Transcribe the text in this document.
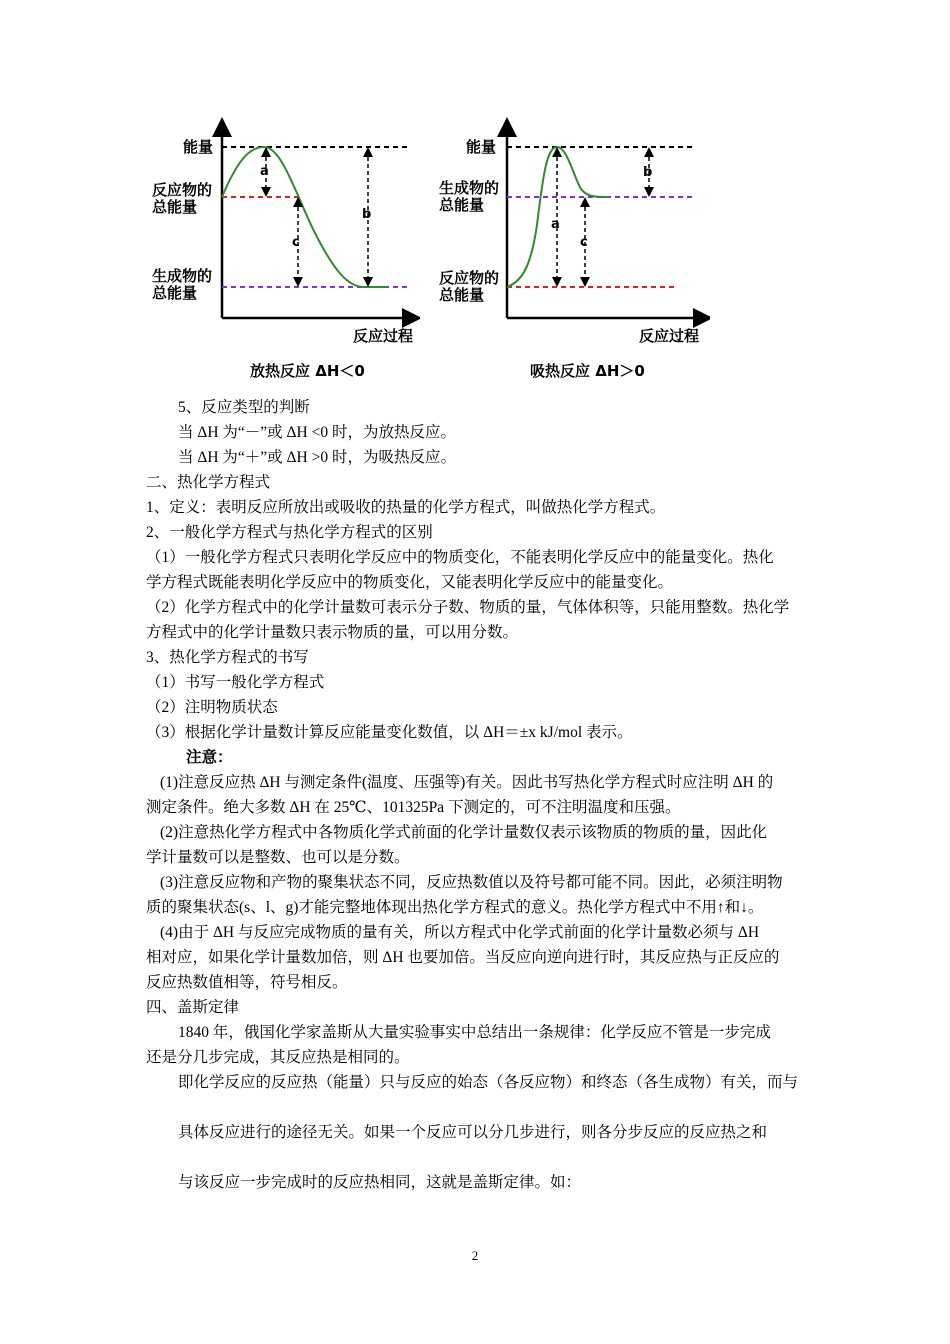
能量
反应物的
总能量
生成物的
总能量
反应过程
a
c
b
放热反应 ΔH＜0
能量
生成物的
总能量
反应物的
总能量
反应过程
a
c
b
吸热反应 ΔH＞0
5、反应类型的判断
当 ΔH 为“－”或 ΔH <0 时，为放热反应。
当 ΔH 为“＋”或 ΔH >0 时，为吸热反应。
二、热化学方程式
1、定义：表明反应所放出或吸收的热量的化学方程式，叫做热化学方程式。
2、一般化学方程式与热化学方程式的区别
（1）一般化学方程式只表明化学反应中的物质变化，不能表明化学反应中的能量变化。热化
学方程式既能表明化学反应中的物质变化，又能表明化学反应中的能量变化。
（2）化学方程式中的化学计量数可表示分子数、物质的量，气体体积等，只能用整数。热化学
方程式中的化学计量数只表示物质的量，可以用分数。
3、热化学方程式的书写
（1）书写一般化学方程式
（2）注明物质状态
（3）根据化学计量数计算反应能量变化数值，以 ΔH＝±x kJ/mol 表示。
注意：
(1)注意反应热 ΔH 与测定条件(温度、压强等)有关。因此书写热化学方程式时应注明 ΔH 的
测定条件。绝大多数 ΔH 在 25℃、101325Pa 下测定的，可不注明温度和压强。
(2)注意热化学方程式中各物质化学式前面的化学计量数仅表示该物质的物质的量，因此化
学计量数可以是整数、也可以是分数。
(3)注意反应物和产物的聚集状态不同，反应热数值以及符号都可能不同。因此，必须注明物
质的聚集状态(s、l、g)才能完整地体现出热化学方程式的意义。热化学方程式中不用↑和↓。
(4)由于 ΔH 与反应完成物质的量有关，所以方程式中化学式前面的化学计量数必须与 ΔH
相对应，如果化学计量数加倍，则 ΔH 也要加倍。当反应向逆向进行时，其反应热与正反应的
反应热数值相等，符号相反。
四、盖斯定律
1840 年，俄国化学家盖斯从大量实验事实中总结出一条规律：化学反应不管是一步完成
还是分几步完成，其反应热是相同的。
即化学反应的反应热（能量）只与反应的始态（各反应物）和终态（各生成物）有关，而与
具体反应进行的途径无关。如果一个反应可以分几步进行，则各分步反应的反应热之和
与该反应一步完成时的反应热相同，这就是盖斯定律。如：
2
